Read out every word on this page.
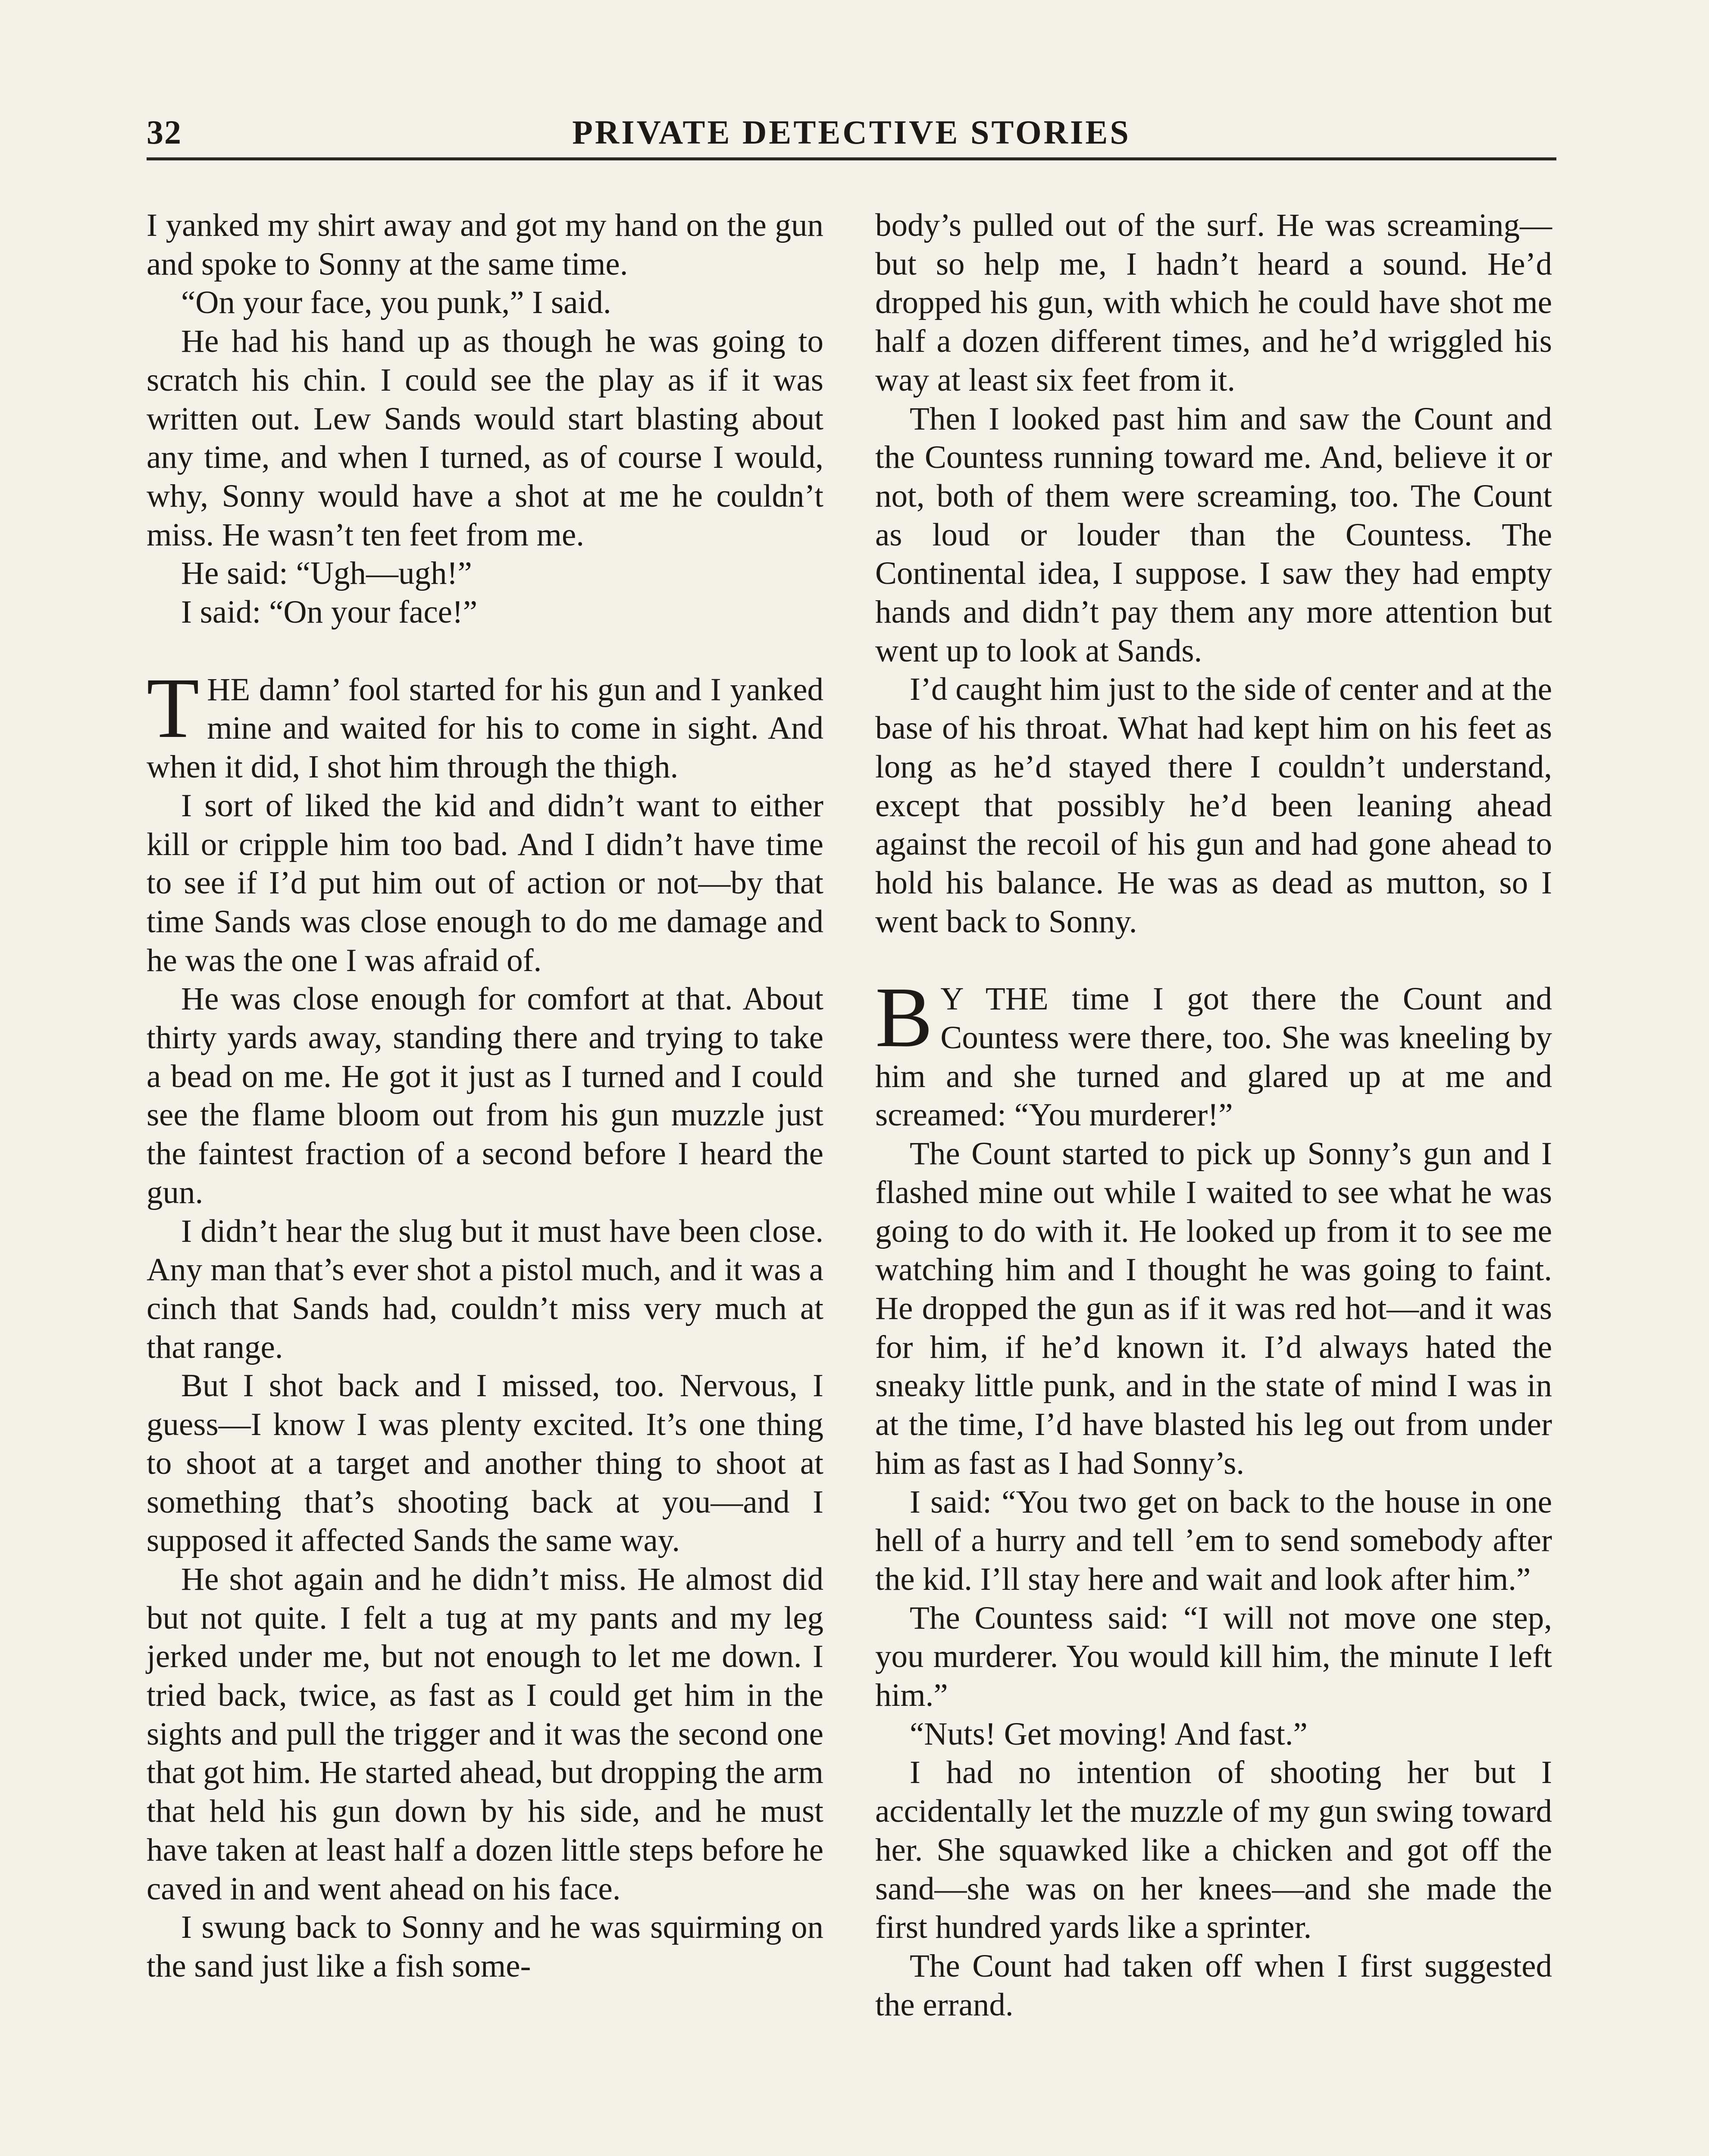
32	PRIVATE DETECTIVE STORIES

I yanked my shirt away and got my hand on the gun and spoke to Sonny at the same time.

“On your face, you punk,” I said.

He had his hand up as though he was going to scratch his chin. I could see the play as if it was written out. Lew Sands would start blasting about any time, and when I turned, as of course I would, why, Sonny would have a shot at me he couldn’t miss. He wasn’t ten feet from me.

He said: “Ugh—ugh!”

I said: “On your face!”

THE damn’ fool started for his gun and I yanked mine and waited for his to come in sight. And when it did, I shot him through the thigh.

I sort of liked the kid and didn’t want to either kill or cripple him too bad. And I didn’t have time to see if I’d put him out of action or not—by that time Sands was close enough to do me damage and he was the one I was afraid of.

He was close enough for comfort at that. About thirty yards away, standing there and trying to take a bead on me. He got it just as I turned and I could see the flame bloom out from his gun muzzle just the faintest fraction of a second before I heard the gun.

I didn’t hear the slug but it must have been close. Any man that’s ever shot a pistol much, and it was a cinch that Sands had, couldn’t miss very much at that range.

But I shot back and I missed, too. Nervous, I guess—I know I was plenty excited. It’s one thing to shoot at a target and another thing to shoot at something that’s shooting back at you—and I supposed it affected Sands the same way.

He shot again and he didn’t miss. He almost did but not quite. I felt a tug at my pants and my leg jerked under me, but not enough to let me down. I tried back, twice, as fast as I could get him in the sights and pull the trigger and it was the second one that got him. He started ahead, but dropping the arm that held his gun down by his side, and he must have taken at least half a dozen little steps before he caved in and went ahead on his face.

I swung back to Sonny and he was squirming on the sand just like a fish some-

body’s pulled out of the surf. He was screaming—but so help me, I hadn’t heard a sound. He’d dropped his gun, with which he could have shot me half a dozen different times, and he’d wriggled his way at least six feet from it.

Then I looked past him and saw the Count and the Countess running toward me. And, believe it or not, both of them were screaming, too. The Count as loud or louder than the Countess. The Continental idea, I suppose. I saw they had empty hands and didn’t pay them any more attention but went up to look at Sands.

I’d caught him just to the side of center and at the base of his throat. What had kept him on his feet as long as he’d stayed there I couldn’t understand, except that possibly he’d been leaning ahead against the recoil of his gun and had gone ahead to hold his balance. He was as dead as mutton, so I went back to Sonny.

B Y THE time I got there the Count and Countess were there, too. She was kneeling by him and she turned and glared up at me and screamed: “You murderer!”

The Count started to pick up Sonny’s gun and I flashed mine out while I waited to see what he was going to do with it. He looked up from it to see me watching him and I thought he was going to faint. He dropped the gun as if it was red hot—and it was for him, if he’d known it. I’d always hated the sneaky little punk, and in the state of mind I was in at the time, I’d have blasted his leg out from under him as fast as I had Sonny’s.

I said: “You two get on back to the house in one hell of a hurry and tell ’em to send somebody after the kid. I’ll stay here and wait and look after him.”

The Countess said: “I will not move one step, you murderer. You would kill him, the minute I left him.”

“Nuts! Get moving! And fast.”

I had no intention of shooting her but I accidentally let the muzzle of my gun swing toward her. She squawked like a chicken and got off the sand—she was on her knees—and she made the first hundred yards like a sprinter.

The Count had taken off when I first suggested the errand.
